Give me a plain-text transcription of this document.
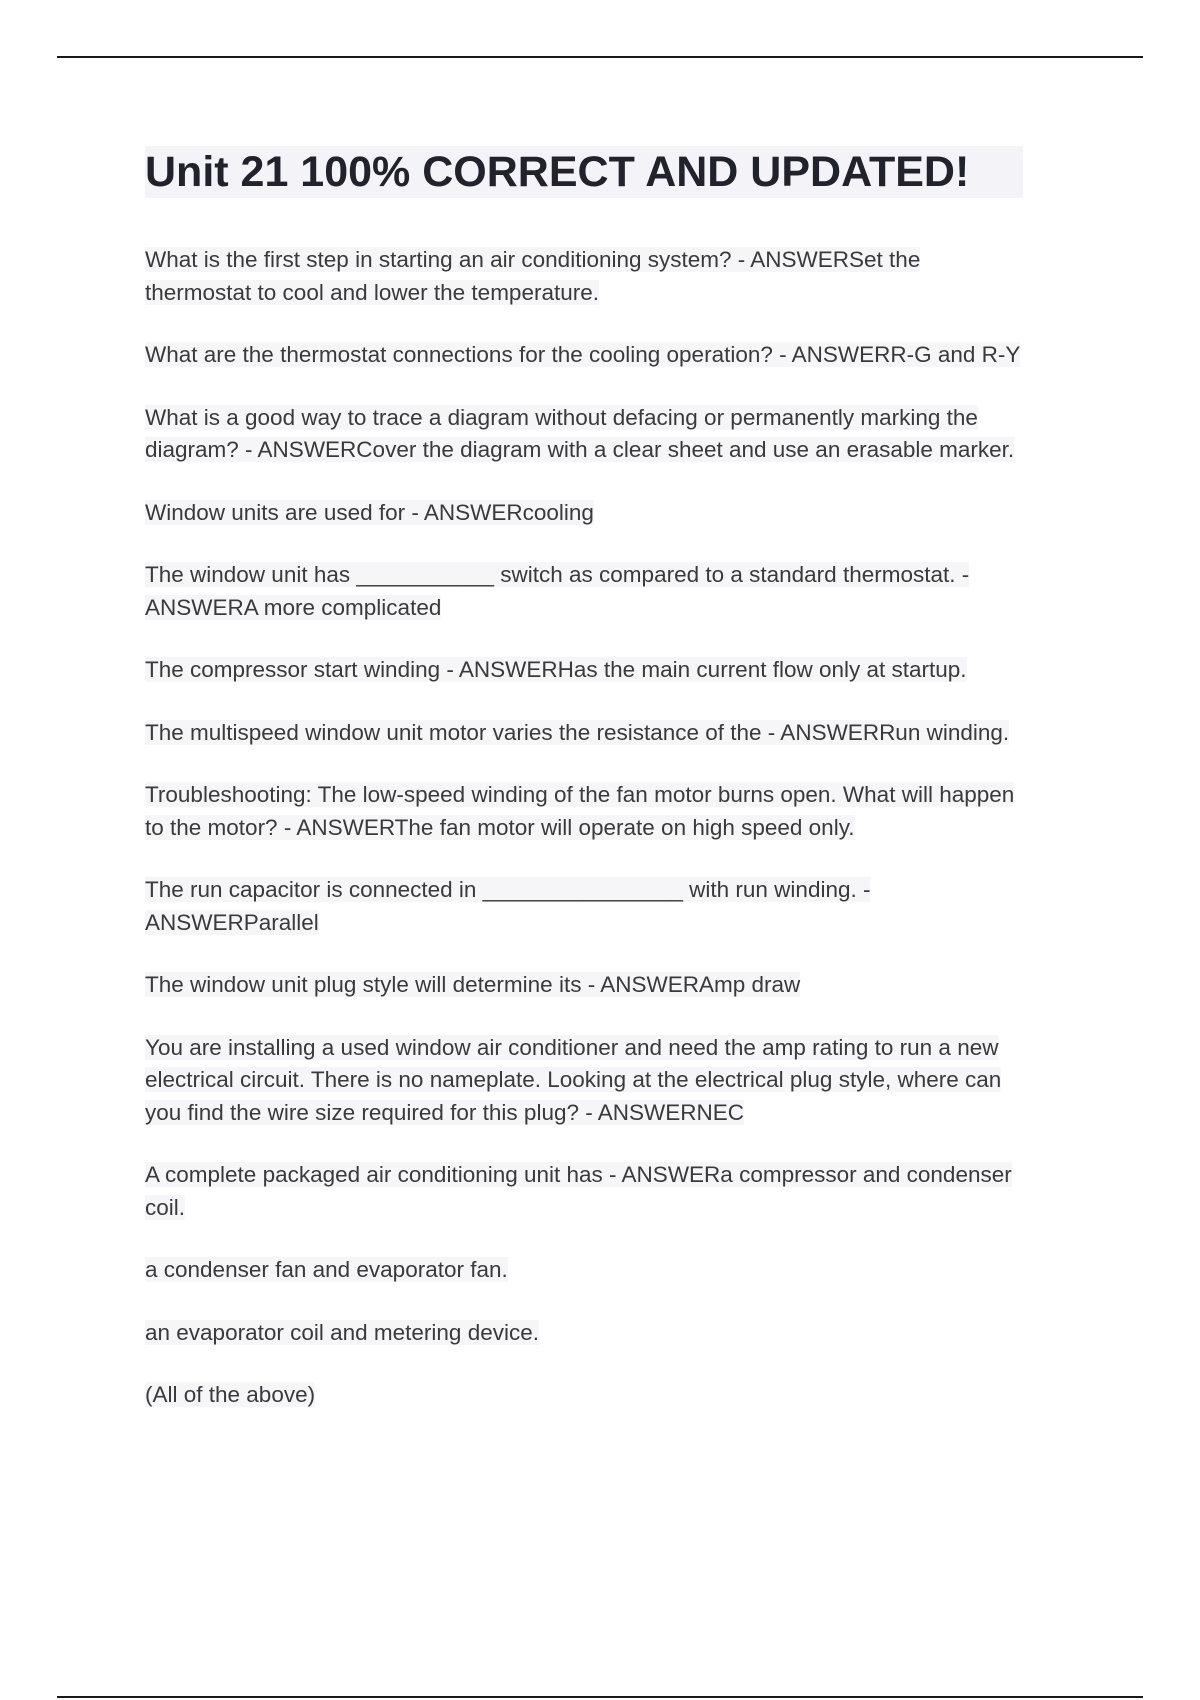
Unit 21 100% CORRECT AND UPDATED!

What is the first step in starting an air conditioning system? - ANSWERSet the
thermostat to cool and lower the temperature.

What are the thermostat connections for the cooling operation? - ANSWERR-G and R-Y

What is a good way to trace a diagram without defacing or permanently marking the
diagram? - ANSWERCover the diagram with a clear sheet and use an erasable marker.

Window units are used for - ANSWERcooling

The window unit has ___________ switch as compared to a standard thermostat. -
ANSWERA more complicated

The compressor start winding - ANSWERHas the main current flow only at startup.

The multispeed window unit motor varies the resistance of the - ANSWERRun winding.

Troubleshooting: The low-speed winding of the fan motor burns open. What will happen
to the motor? - ANSWERThe fan motor will operate on high speed only.

The run capacitor is connected in ________________ with run winding. -
ANSWERParallel

The window unit plug style will determine its - ANSWERAmp draw

You are installing a used window air conditioner and need the amp rating to run a new
electrical circuit. There is no nameplate. Looking at the electrical plug style, where can
you find the wire size required for this plug? - ANSWERNEC

A complete packaged air conditioning unit has - ANSWERa compressor and condenser
coil.

a condenser fan and evaporator fan.

an evaporator coil and metering device.

(All of the above)
